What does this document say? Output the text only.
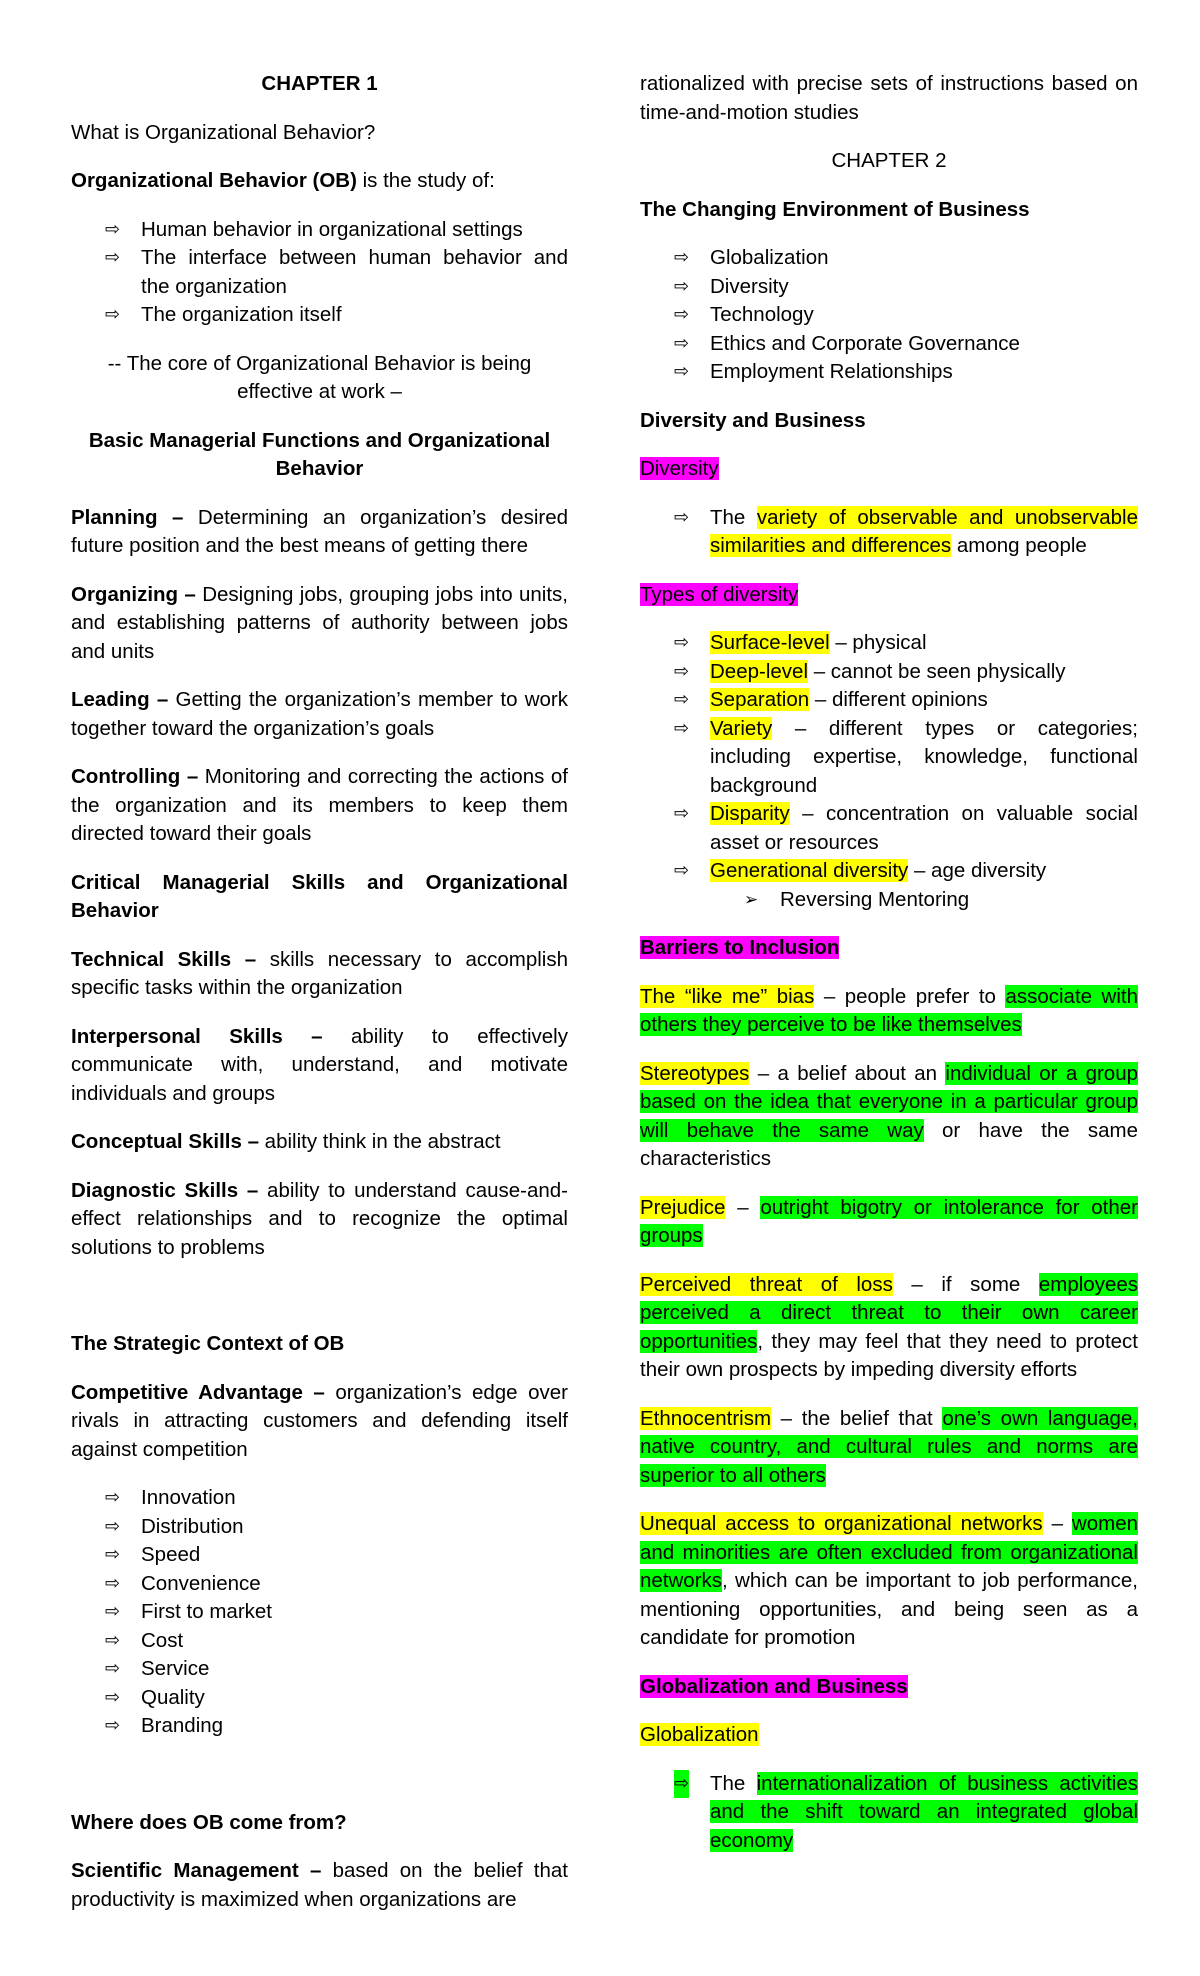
CHAPTER 1

What is Organizational Behavior?

Organizational Behavior (OB) is the study of:

⇨ Human behavior in organizational settings
⇨ The interface between human behavior and the organization
⇨ The organization itself

-- The core of Organizational Behavior is being effective at work –

Basic Managerial Functions and Organizational Behavior

Planning – Determining an organization’s desired future position and the best means of getting there

Organizing – Designing jobs, grouping jobs into units, and establishing patterns of authority between jobs and units

Leading – Getting the organization’s member to work together toward the organization’s goals

Controlling – Monitoring and correcting the actions of the organization and its members to keep them directed toward their goals

Critical Managerial Skills and Organizational Behavior

Technical Skills – skills necessary to accomplish specific tasks within the organization

Interpersonal Skills – ability to effectively communicate with, understand, and motivate individuals and groups

Conceptual Skills – ability think in the abstract

Diagnostic Skills – ability to understand cause-and-effect relationships and to recognize the optimal solutions to problems

The Strategic Context of OB

Competitive Advantage – organization’s edge over rivals in attracting customers and defending itself against competition

⇨ Innovation
⇨ Distribution
⇨ Speed
⇨ Convenience
⇨ First to market
⇨ Cost
⇨ Service
⇨ Quality
⇨ Branding

Where does OB come from?

Scientific Management – based on the belief that productivity is maximized when organizations are

rationalized with precise sets of instructions based on time-and-motion studies

CHAPTER 2

The Changing Environment of Business

⇨ Globalization
⇨ Diversity
⇨ Technology
⇨ Ethics and Corporate Governance
⇨ Employment Relationships

Diversity and Business

Diversity

⇨ The variety of observable and unobservable similarities and differences among people

Types of diversity

⇨ Surface-level – physical
⇨ Deep-level – cannot be seen physically
⇨ Separation – different opinions
⇨ Variety – different types or categories; including expertise, knowledge, functional background
⇨ Disparity – concentration on valuable social asset or resources
⇨ Generational diversity – age diversity
➢ Reversing Mentoring

Barriers to Inclusion

The “like me” bias – people prefer to associate with others they perceive to be like themselves

Stereotypes – a belief about an individual or a group based on the idea that everyone in a particular group will behave the same way or have the same characteristics

Prejudice – outright bigotry or intolerance for other groups

Perceived threat of loss – if some employees perceived a direct threat to their own career opportunities, they may feel that they need to protect their own prospects by impeding diversity efforts

Ethnocentrism – the belief that one’s own language, native country, and cultural rules and norms are superior to all others

Unequal access to organizational networks – women and minorities are often excluded from organizational networks, which can be important to job performance, mentioning opportunities, and being seen as a candidate for promotion

Globalization and Business

Globalization

⇨ The internationalization of business activities and the shift toward an integrated global economy
